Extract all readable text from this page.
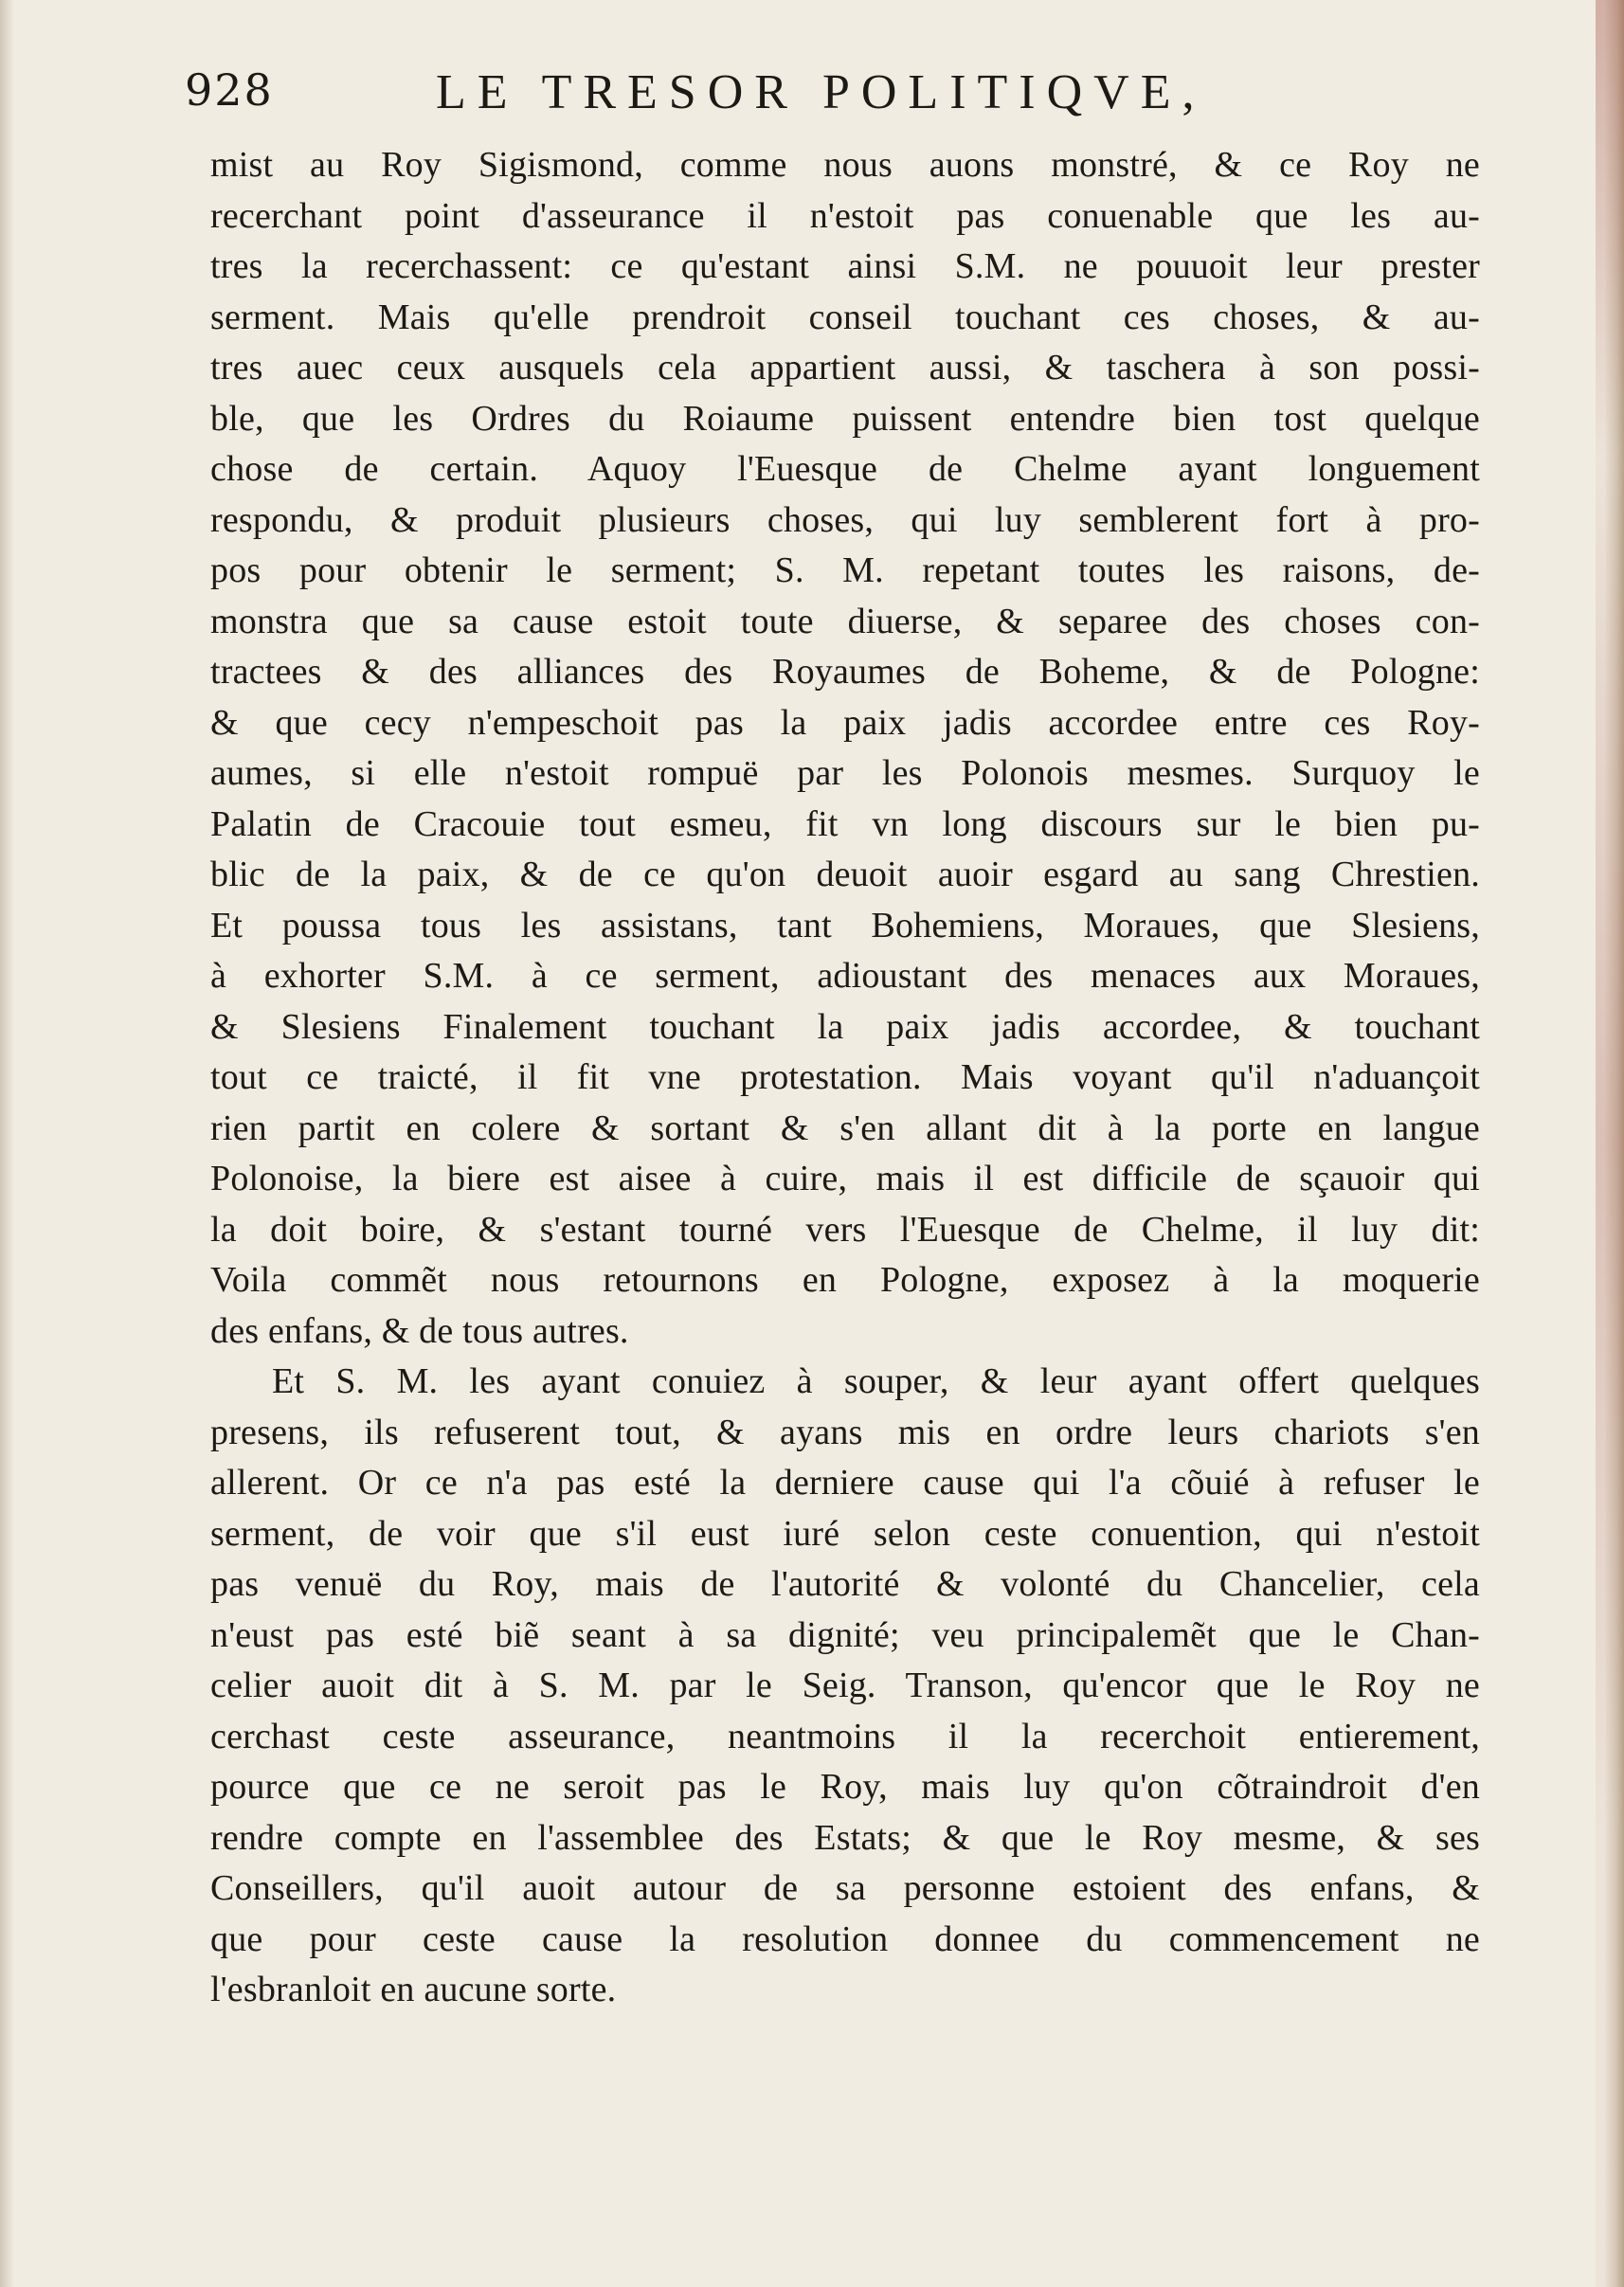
928	LE TRESOR POLITIQVE,
mist au Roy Sigismond, comme nous auons monstré, & ce Roy ne
recerchant point d'asseurance il n'estoit pas conuenable que les au-
tres la recerchassent: ce qu'estant ainsi S.M. ne pouuoit leur prester
serment. Mais qu'elle prendroit conseil touchant ces choses, & au-
tres auec ceux ausquels cela appartient aussi, & taschera à son possi-
ble, que les Ordres du Roiaume puissent entendre bien tost quelque
chose de certain. Aquoy l'Euesque de Chelme ayant longuement
respondu, & produit plusieurs choses, qui luy semblerent fort à pro-
pos pour obtenir le serment; S. M. repetant toutes les raisons, de-
monstra que sa cause estoit toute diuerse, & separee des choses con-
tractees & des alliances des Royaumes de Boheme, & de Pologne:
& que cecy n'empeschoit pas la paix jadis accordee entre ces Roy-
aumes, si elle n'estoit rompuë par les Polonois mesmes. Surquoy le
Palatin de Cracouie tout esmeu, fit vn long discours sur le bien pu-
blic de la paix, & de ce qu'on deuoit auoir esgard au sang Chrestien.
Et poussa tous les assistans, tant Bohemiens, Moraues, que Slesiens,
à exhorter S.M. à ce serment, adioustant des menaces aux Moraues,
& Slesiens Finalement touchant la paix jadis accordee, & touchant
tout ce traicté, il fit vne protestation. Mais voyant qu'il n'aduançoit
rien partit en colere & sortant & s'en allant dit à la porte en langue
Polonoise, la biere est aisee à cuire, mais il est difficile de sçauoir qui
la doit boire, & s'estant tourné vers l'Euesque de Chelme, il luy dit:
Voila commẽt nous retournons en Pologne, exposez à la moquerie
des enfans, & de tous autres.
Et S. M. les ayant conuiez à souper, & leur ayant offert quelques
presens, ils refuserent tout, & ayans mis en ordre leurs chariots s'en
allerent. Or ce n'a pas esté la derniere cause qui l'a cõuié à refuser le
serment, de voir que s'il eust iuré selon ceste conuention, qui n'estoit
pas venuë du Roy, mais de l'autorité & volonté du Chancelier, cela
n'eust pas esté biẽ seant à sa dignité; veu principalemẽt que le Chan-
celier auoit dit à S. M. par le Seig. Transon, qu'encor que le Roy ne
cerchast ceste asseurance, neantmoins il la recerchoit entierement,
pource que ce ne seroit pas le Roy, mais luy qu'on cõtraindroit d'en
rendre compte en l'assemblee des Estats; & que le Roy mesme, & ses
Conseillers, qu'il auoit autour de sa personne estoient des enfans, &
que pour ceste cause la resolution donnee du commencement ne
l'esbranloit en aucune sorte.
